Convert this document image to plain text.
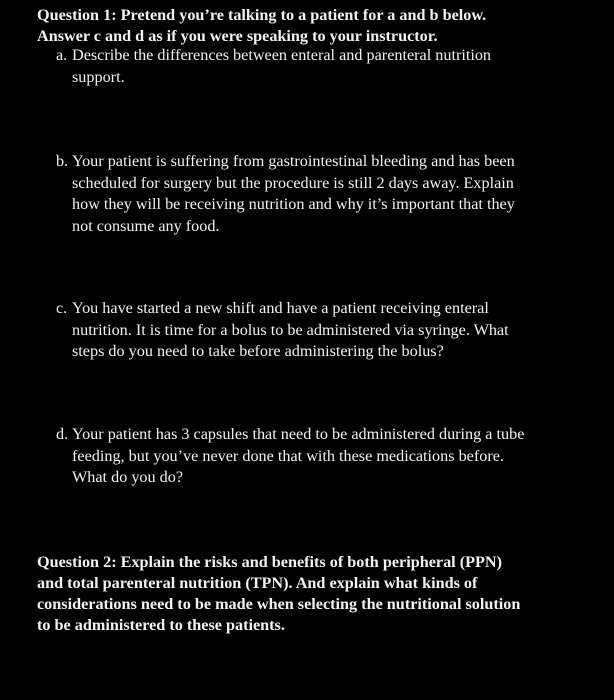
Question 1: Pretend you’re talking to a patient for a and b below.
Answer c and d as if you were speaking to your instructor.
a. Describe the differences between enteral and parenteral nutrition
support.
b. Your patient is suffering from gastrointestinal bleeding and has been
scheduled for surgery but the procedure is still 2 days away. Explain
how they will be receiving nutrition and why it’s important that they
not consume any food.
c. You have started a new shift and have a patient receiving enteral
nutrition. It is time for a bolus to be administered via syringe. What
steps do you need to take before administering the bolus?
d. Your patient has 3 capsules that need to be administered during a tube
feeding, but you’ve never done that with these medications before.
What do you do?
Question 2: Explain the risks and benefits of both peripheral (PPN)
and total parenteral nutrition (TPN). And explain what kinds of
considerations need to be made when selecting the nutritional solution
to be administered to these patients.
